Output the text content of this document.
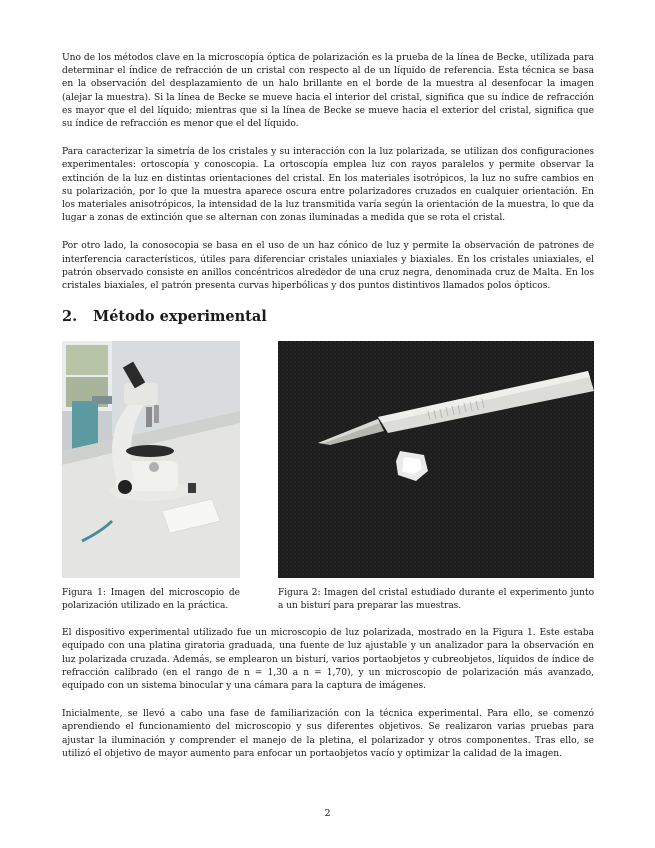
Uno de los métodos clave en la microscopía óptica de polarización es la prueba de la línea de Becke, utilizada para determinar el índice de refracción de un cristal con respecto al de un líquido de referencia. Esta técnica se basa en la observación del desplazamiento de un halo brillante en el borde de la muestra al desenfocar la imagen (alejar la muestra). Si la línea de Becke se mueve hacia el interior del cristal, significa que su índice de refracción es mayor que el del líquido; mientras que si la línea de Becke se mueve hacia el exterior del cristal, significa que su índice de refracción es menor que el del líquido.

Para caracterizar la simetría de los cristales y su interacción con la luz polarizada, se utilizan dos configuraciones experimentales: ortoscopía y conoscopia. La ortoscopía emplea luz con rayos paralelos y permite observar la extinción de la luz en distintas orientaciones del cristal. En los materiales isotrópicos, la luz no sufre cambios en su polarización, por lo que la muestra aparece oscura entre polarizadores cruzados en cualquier orientación. En los materiales anisotrópicos, la intensidad de la luz transmitida varía según la orientación de la muestra, lo que da lugar a zonas de extinción que se alternan con zonas iluminadas a medida que se rota el cristal.

Por otro lado, la conosocopia se basa en el uso de un haz cónico de luz y permite la observación de patrones de interferencia característicos, útiles para diferenciar cristales uniaxiales y biaxiales. En los cristales uniaxiales, el patrón observado consiste en anillos concéntricos alrededor de una cruz negra, denominada cruz de Malta. En los cristales biaxiales, el patrón presenta curvas hiperbólicas y dos puntos distintivos llamados polos ópticos.

2. Método experimental
Figura 1: Imagen del microscopio de polarización utilizado en la práctica.
Figura 2: Imagen del cristal estudiado durante el experimento junto a un bisturí para preparar las muestras.

El dispositivo experimental utilizado fue un microscopio de luz polarizada, mostrado en la Figura 1. Este estaba equipado con una platina giratoria graduada, una fuente de luz ajustable y un analizador para la observación en luz polarizada cruzada. Además, se emplearon un bisturí, varios portaobjetos y cubreobjetos, líquidos de índice de refracción calibrado (en el rango de n = 1,30 a n = 1,70), y un microscopio de polarización más avanzado, equipado con un sistema binocular y una cámara para la captura de imágenes.

Inicialmente, se llevó a cabo una fase de familiarización con la técnica experimental. Para ello, se comenzó aprendiendo el funcionamiento del microscopio y sus diferentes objetivos. Se realizaron varias pruebas para ajustar la iluminación y comprender el manejo de la pletina, el polarizador y otros componentes. Tras ello, se utilizó el objetivo de mayor aumento para enfocar un portaobjetos vacío y optimizar la calidad de la imagen.

2
